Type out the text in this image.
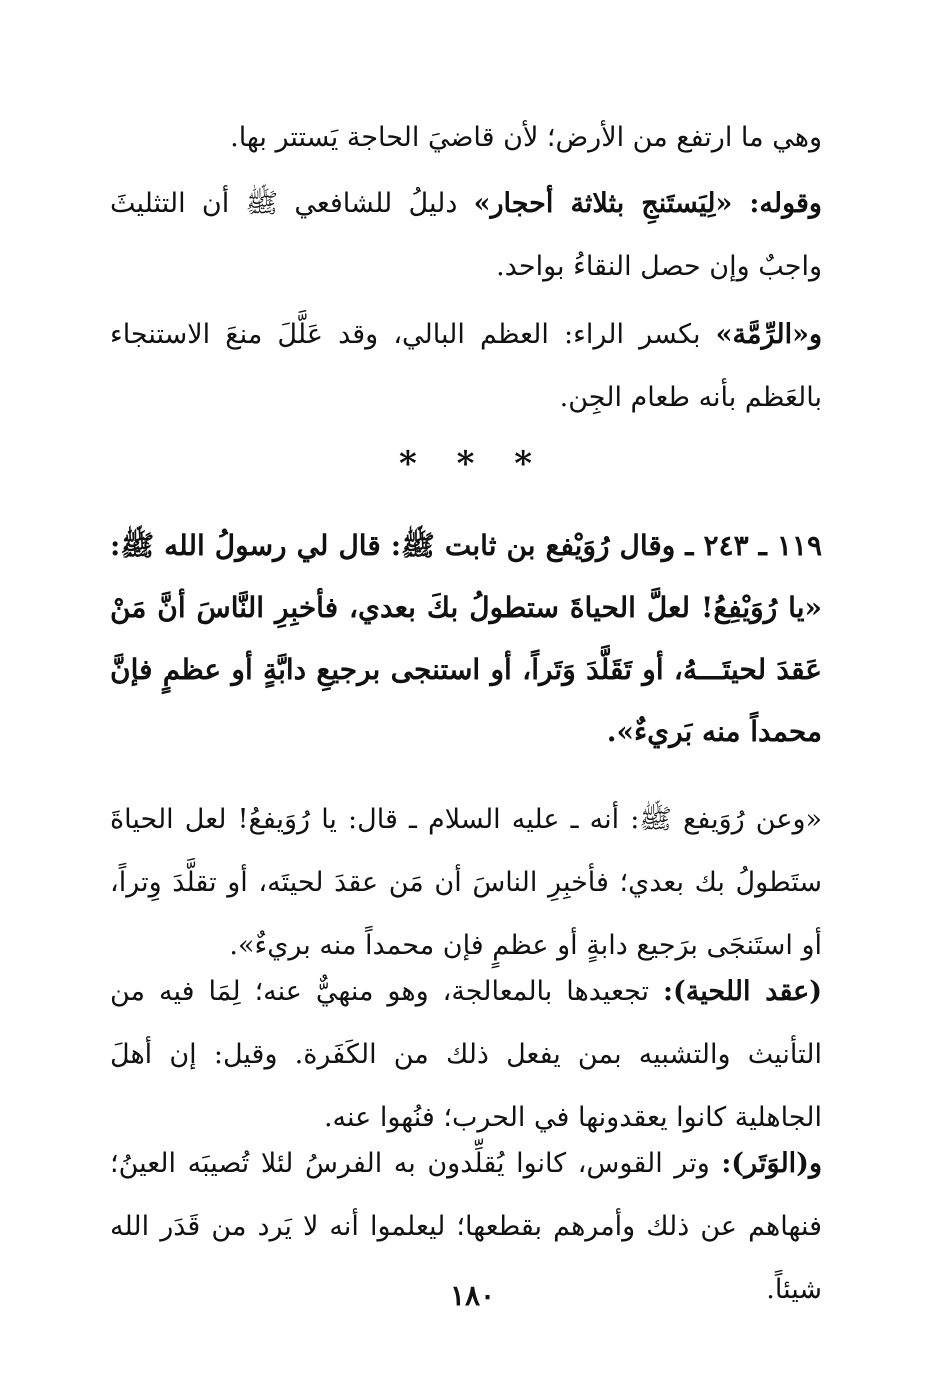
وهي ما ارتفع من الأرض؛ لأن قاضيَ الحاجة يَستتر بها.

وقوله: «لِيَستَنجِ بثلاثة أحجار» دليلُ للشافعي ﷺ أن التثليثَ واجبٌ وإن حصل النقاءُ بواحد.

و«الرِّمَّة» بكسر الراء: العظم البالي، وقد عَلَّلَ منعَ الاستنجاء بالعَظم بأنه طعام الجِن.

* * *

١١٩ ـ ٢٤٣ ـ وقال رُوَيْفع بن ثابت ﷺ: قال لي رسولُ الله ﷺ: «يا رُوَيْفِعُ! لعلَّ الحياةَ ستطولُ بكَ بعدي، فأخبِرِ النَّاسَ أنَّ مَنْ عَقدَ لحيتَـــهُ، أو تَقَلَّدَ وَتَراً، أو استنجى برجيعِ دابَّةٍ أو عظمٍ فإنَّ محمداً منه بَريءٌ».

«وعن رُوَيفع ﷺ: أنه ـ عليه السلام ـ قال: يا رُوَيفعُ! لعل الحياةَ ستَطولُ بك بعدي؛ فأخبِرِ الناسَ أن مَن عقدَ لحيتَه، أو تقلَّدَ وِتراً، أو استَنجَى برَجيع دابةٍ أو عظمٍ فإن محمداً منه بريءٌ».

(عقد اللحية): تجعيدها بالمعالجة، وهو منهيٌّ عنه؛ لِمَا فيه من التأنيث والتشبيه بمن يفعل ذلك من الكَفَرة. وقيل: إن أهلَ الجاهلية كانوا يعقدونها في الحرب؛ فنُهوا عنه.

و(الوَتَر): وتر القوس، كانوا يُقلِّدون به الفرسُ لئلا تُصيبَه العينُ؛ فنهاهم عن ذلك وأمرهم بقطعها؛ ليعلموا أنه لا يَرد من قَدَر الله شيئاً.

١٨٠
